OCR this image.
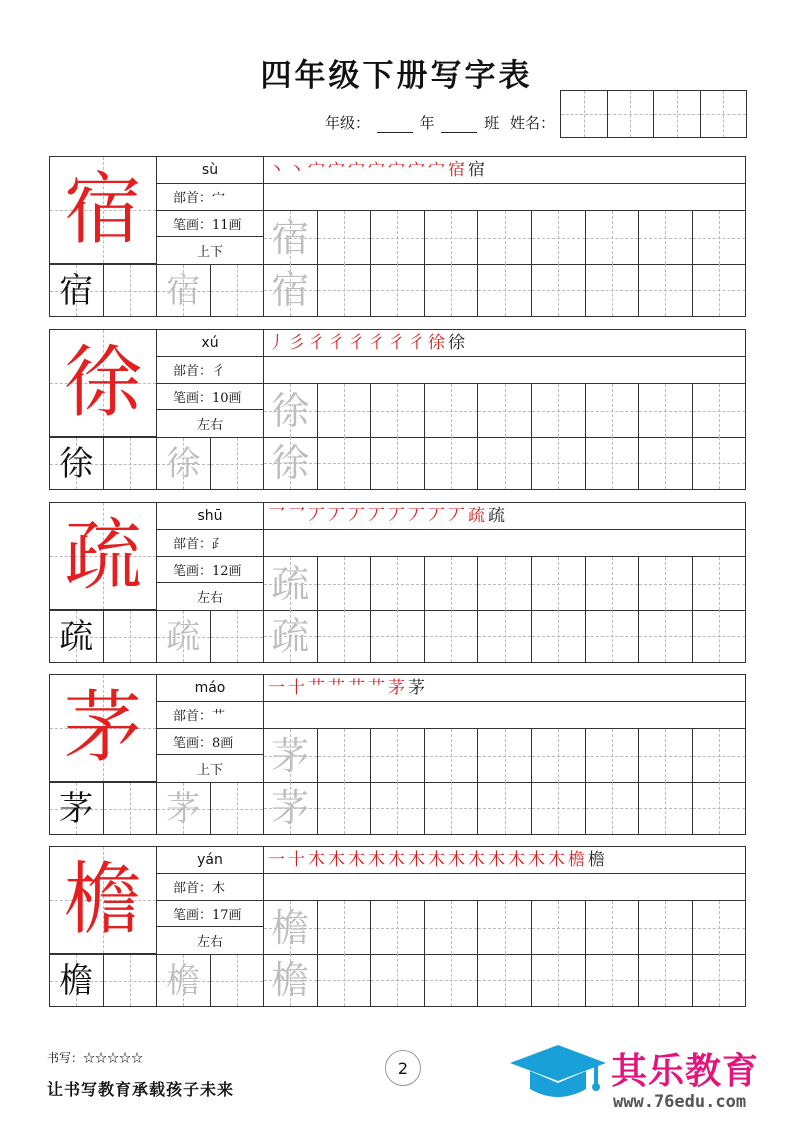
四年级下册写字表
年级：	年	班 姓名：
宿	sù
部首： 宀
笔画：11画
上下
丶 丶 宀 宀 宀 宀 宀 宀 宀 宿 宿
宿
宿 宿 宿
徐	xú
部首： 彳
笔画：10画
左右
丿 彡 彳 彳 彳 彳 彳 彳 徐 徐
徐
徐 徐 徐
疏	shū
部首： ⺪
笔画：12画
左右
乛 乛 丆 丆 丆 丆 丆 丆 丆 丆 疏 疏
疏
疏 疏 疏
茅	máo
部首： 艹
笔画：8画
上下
一 十 艹 艹 艹 艹 茅 茅
茅
茅 茅 茅
檐	yán
部首： 木
笔画：17画
左右
一 十 木 木 木 木 木 木 木 木 木 木 木 木 木 檐 檐
檐
檐 檐 檐
书写：☆☆☆☆☆
让书写教育承载孩子未来
2	其乐教育
www.76edu.com
